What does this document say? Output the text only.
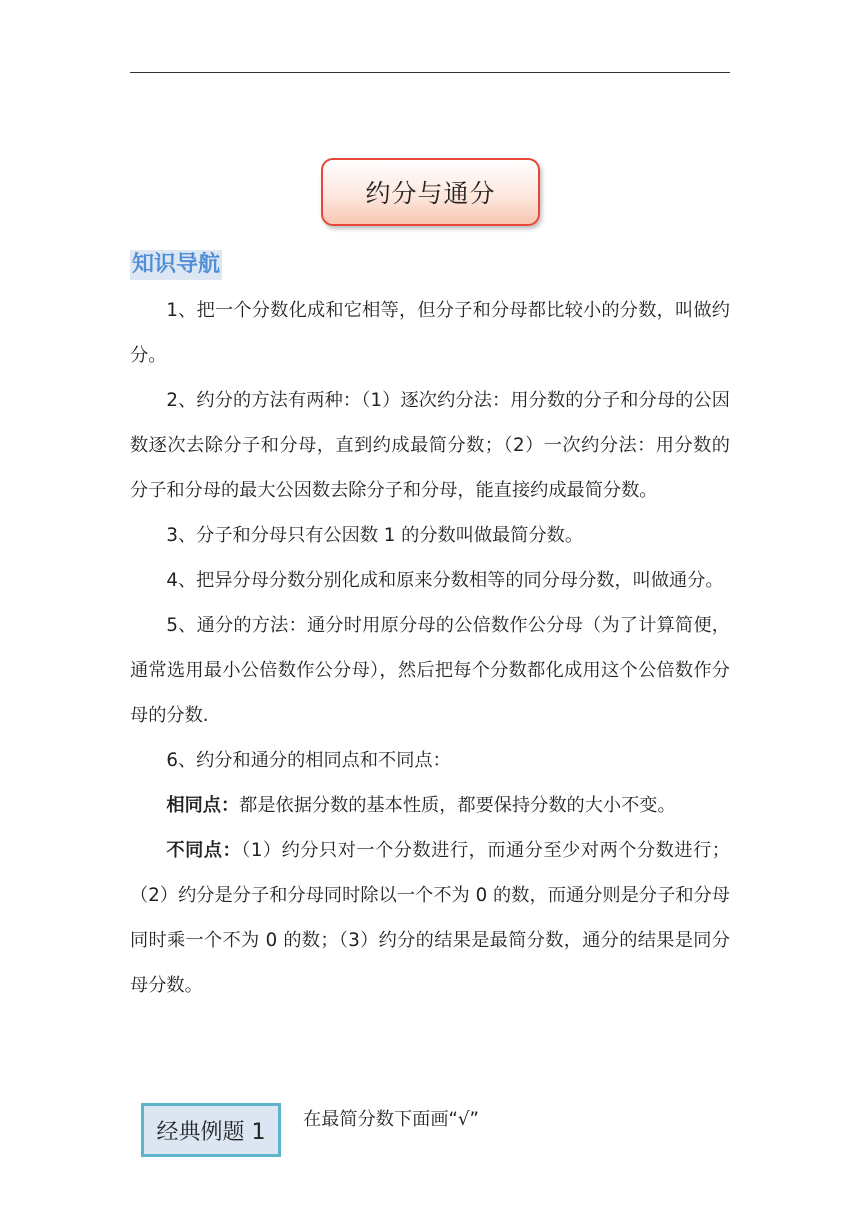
约分与通分
知识导航

1、把一个分数化成和它相等，但分子和分母都比较小的分数，叫做约分。

2、约分的方法有两种：（1）逐次约分法：用分数的分子和分母的公因数逐次去除分子和分母，直到约成最简分数；（2）一次约分法：用分数的分子和分母的最大公因数去除分子和分母，能直接约成最简分数。

3、分子和分母只有公因数 1 的分数叫做最简分数。

4、把异分母分数分别化成和原来分数相等的同分母分数，叫做通分。

5、通分的方法：通分时用原分母的公倍数作公分母（为了计算简便，通常选用最小公倍数作公分母），然后把每个分数都化成用这个公倍数作分母的分数.

6、约分和通分的相同点和不同点：

相同点：都是依据分数的基本性质，都要保持分数的大小不变。

不同点：（1）约分只对一个分数进行，而通分至少对两个分数进行；（2）约分是分子和分母同时除以一个不为 0 的数，而通分则是分子和分母同时乘一个不为 0 的数；（3）约分的结果是最简分数，通分的结果是同分母分数。

经典例题 1 在最简分数下面画“√”
